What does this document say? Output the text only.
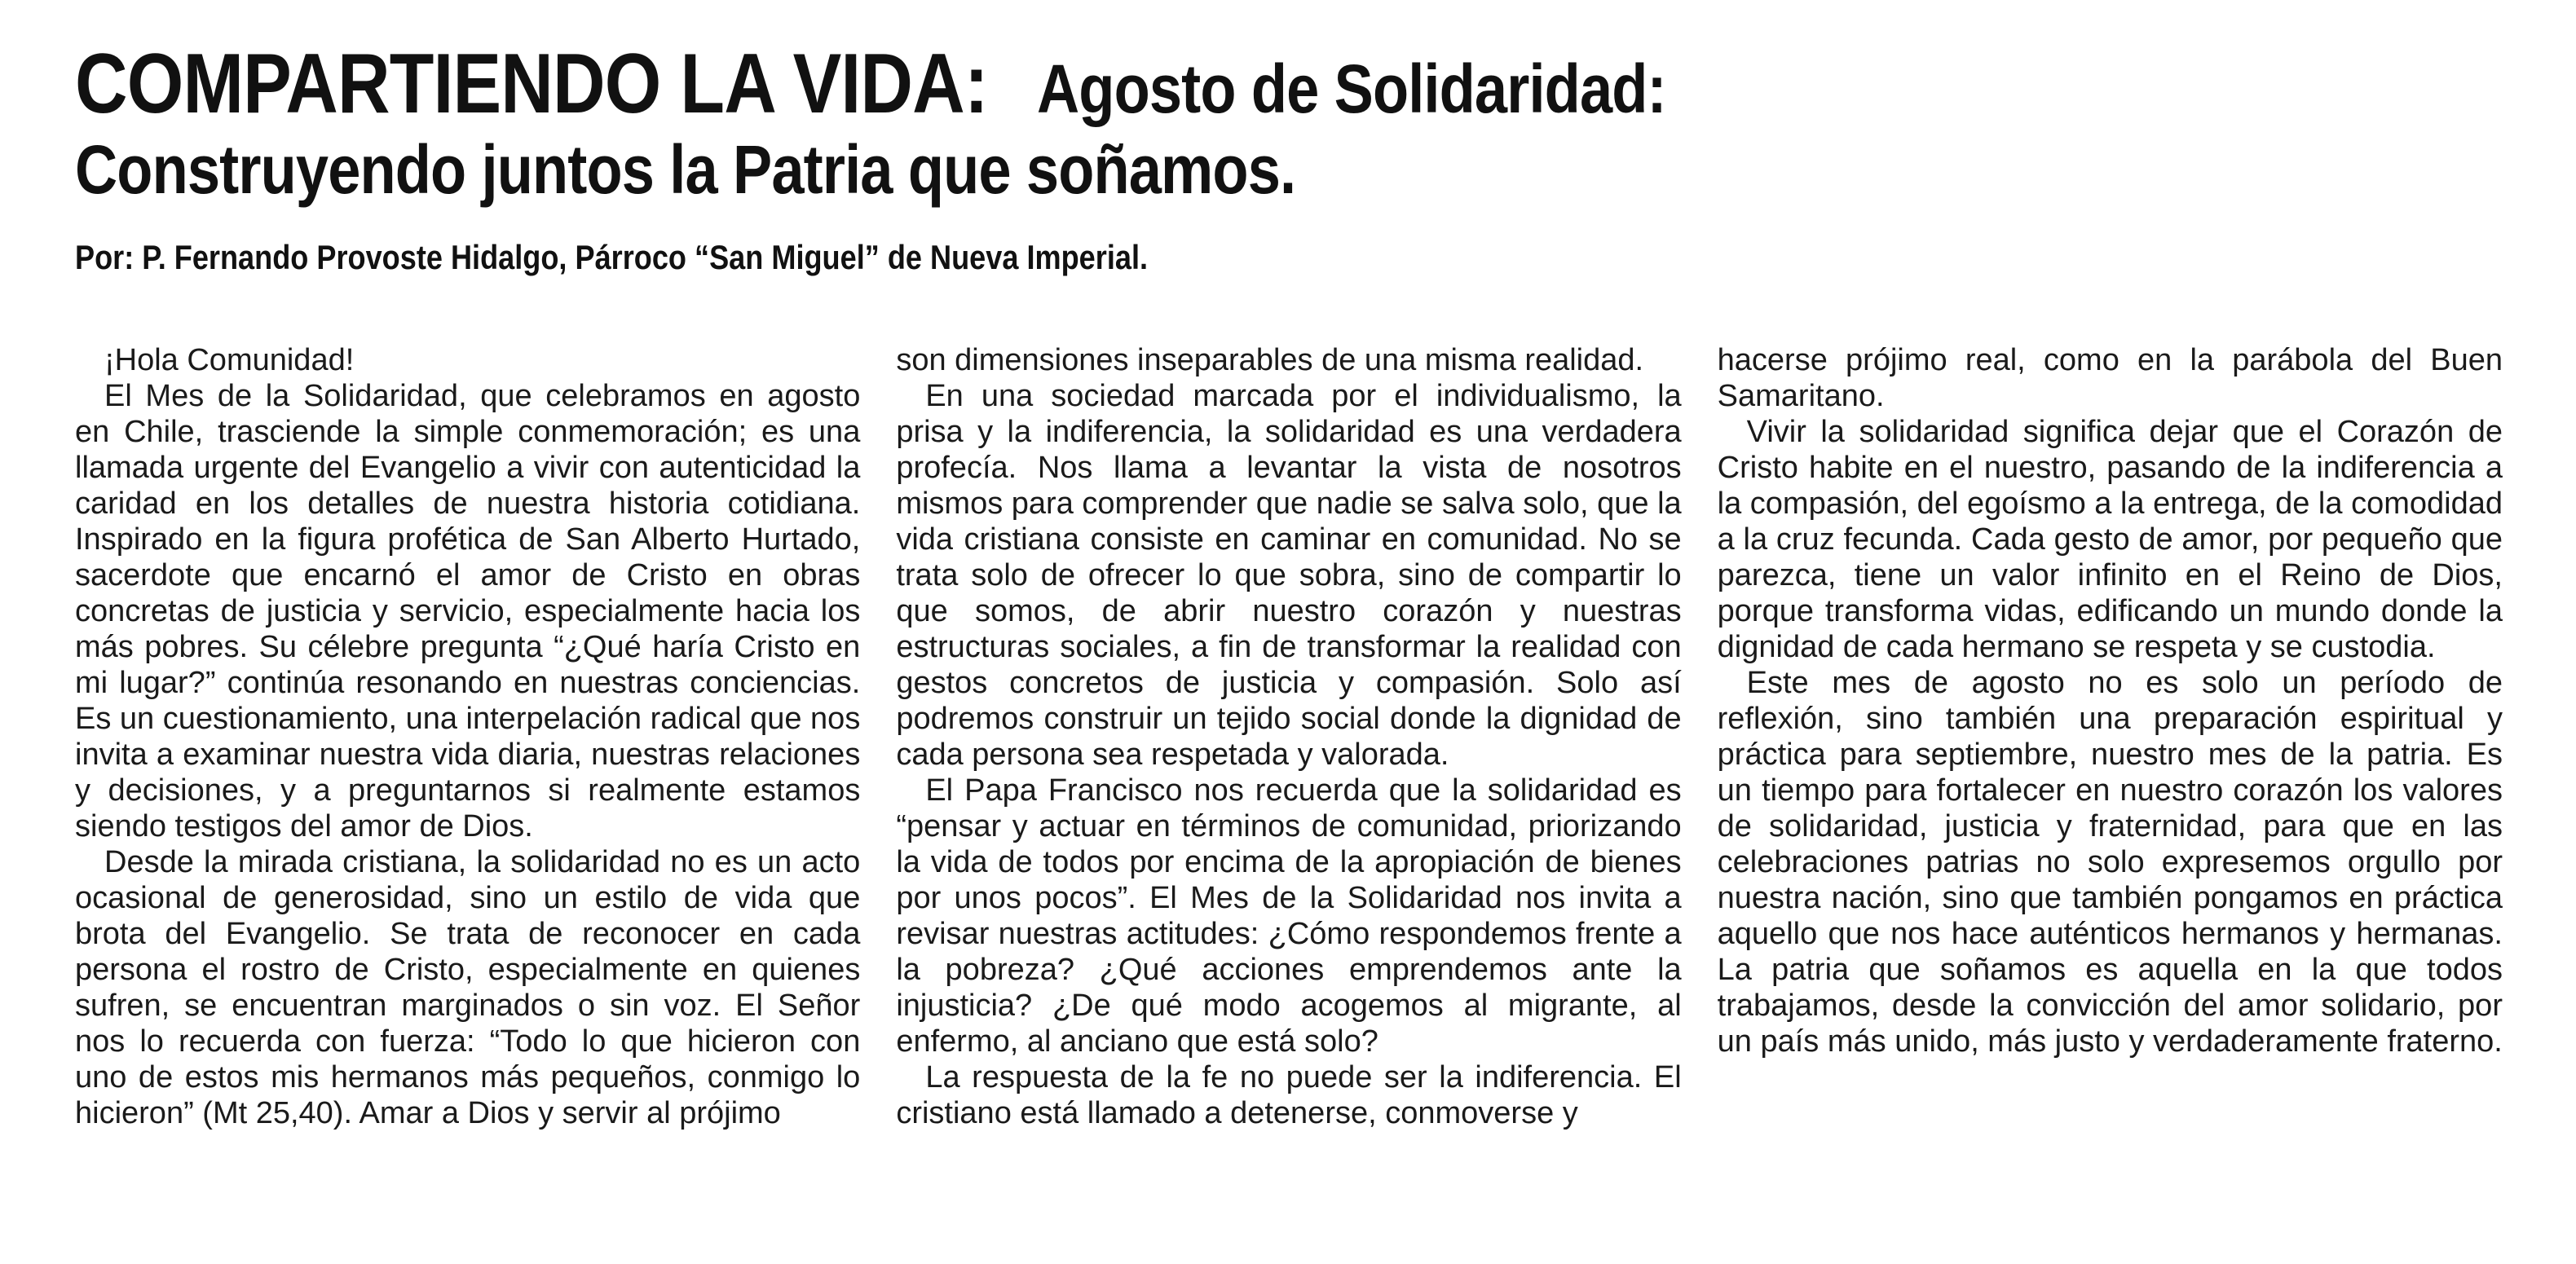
COMPARTIENDO LA VIDA: Agosto de Solidaridad:
Construyendo juntos la Patria que soñamos.

Por: P. Fernando Provoste Hidalgo, Párroco “San Miguel” de Nueva Imperial.

¡Hola Comunidad!

El Mes de la Solidaridad, que celebramos en agosto en Chile, trasciende la simple conmemoración; es una llamada urgente del Evangelio a vivir con autenticidad la caridad en los detalles de nuestra historia cotidiana. Inspirado en la figura profética de San Alberto Hurtado, sacerdote que encarnó el amor de Cristo en obras concretas de justicia y servicio, especialmente hacia los más pobres. Su célebre pregunta “¿Qué haría Cristo en mi lugar?” continúa resonando en nuestras conciencias. Es un cuestionamiento, una interpelación radical que nos invita a examinar nuestra vida diaria, nuestras relaciones y decisiones, y a preguntarnos si realmente estamos siendo testigos del amor de Dios.

Desde la mirada cristiana, la solidaridad no es un acto ocasional de generosidad, sino un estilo de vida que brota del Evangelio. Se trata de reconocer en cada persona el rostro de Cristo, especialmente en quienes sufren, se encuentran marginados o sin voz. El Señor nos lo recuerda con fuerza: “Todo lo que hicieron con uno de estos mis hermanos más pequeños, conmigo lo hicieron” (Mt 25,40). Amar a Dios y servir al prójimo

son dimensiones inseparables de una misma realidad.

En una sociedad marcada por el individualismo, la prisa y la indiferencia, la solidaridad es una verdadera profecía. Nos llama a levantar la vista de nosotros mismos para comprender que nadie se salva solo, que la vida cristiana consiste en caminar en comunidad. No se trata solo de ofrecer lo que sobra, sino de compartir lo que somos, de abrir nuestro corazón y nuestras estructuras sociales, a fin de transformar la realidad con gestos concretos de justicia y compasión. Solo así podremos construir un tejido social donde la dignidad de cada persona sea respetada y valorada.

El Papa Francisco nos recuerda que la solidaridad es “pensar y actuar en términos de comunidad, priorizando la vida de todos por encima de la apropiación de bienes por unos pocos”. El Mes de la Solidaridad nos invita a revisar nuestras actitudes: ¿Cómo respondemos frente a la pobreza? ¿Qué acciones emprendemos ante la injusticia? ¿De qué modo acogemos al migrante, al enfermo, al anciano que está solo?

La respuesta de la fe no puede ser la indiferencia. El cristiano está llamado a detenerse, conmoverse y

hacerse prójimo real, como en la parábola del Buen Samaritano.

Vivir la solidaridad significa dejar que el Corazón de Cristo habite en el nuestro, pasando de la indiferencia a la compasión, del egoísmo a la entrega, de la comodidad a la cruz fecunda. Cada gesto de amor, por pequeño que parezca, tiene un valor infinito en el Reino de Dios, porque transforma vidas, edificando un mundo donde la dignidad de cada hermano se respeta y se custodia.

Este mes de agosto no es solo un período de reflexión, sino también una preparación espiritual y práctica para septiembre, nuestro mes de la patria. Es un tiempo para fortalecer en nuestro corazón los valores de solidaridad, justicia y fraternidad, para que en las celebraciones patrias no solo expresemos orgullo por nuestra nación, sino que también pongamos en práctica aquello que nos hace auténticos hermanos y hermanas. La patria que soñamos es aquella en la que todos trabajamos, desde la convicción del amor solidario, por un país más unido, más justo y verdaderamente fraterno.
